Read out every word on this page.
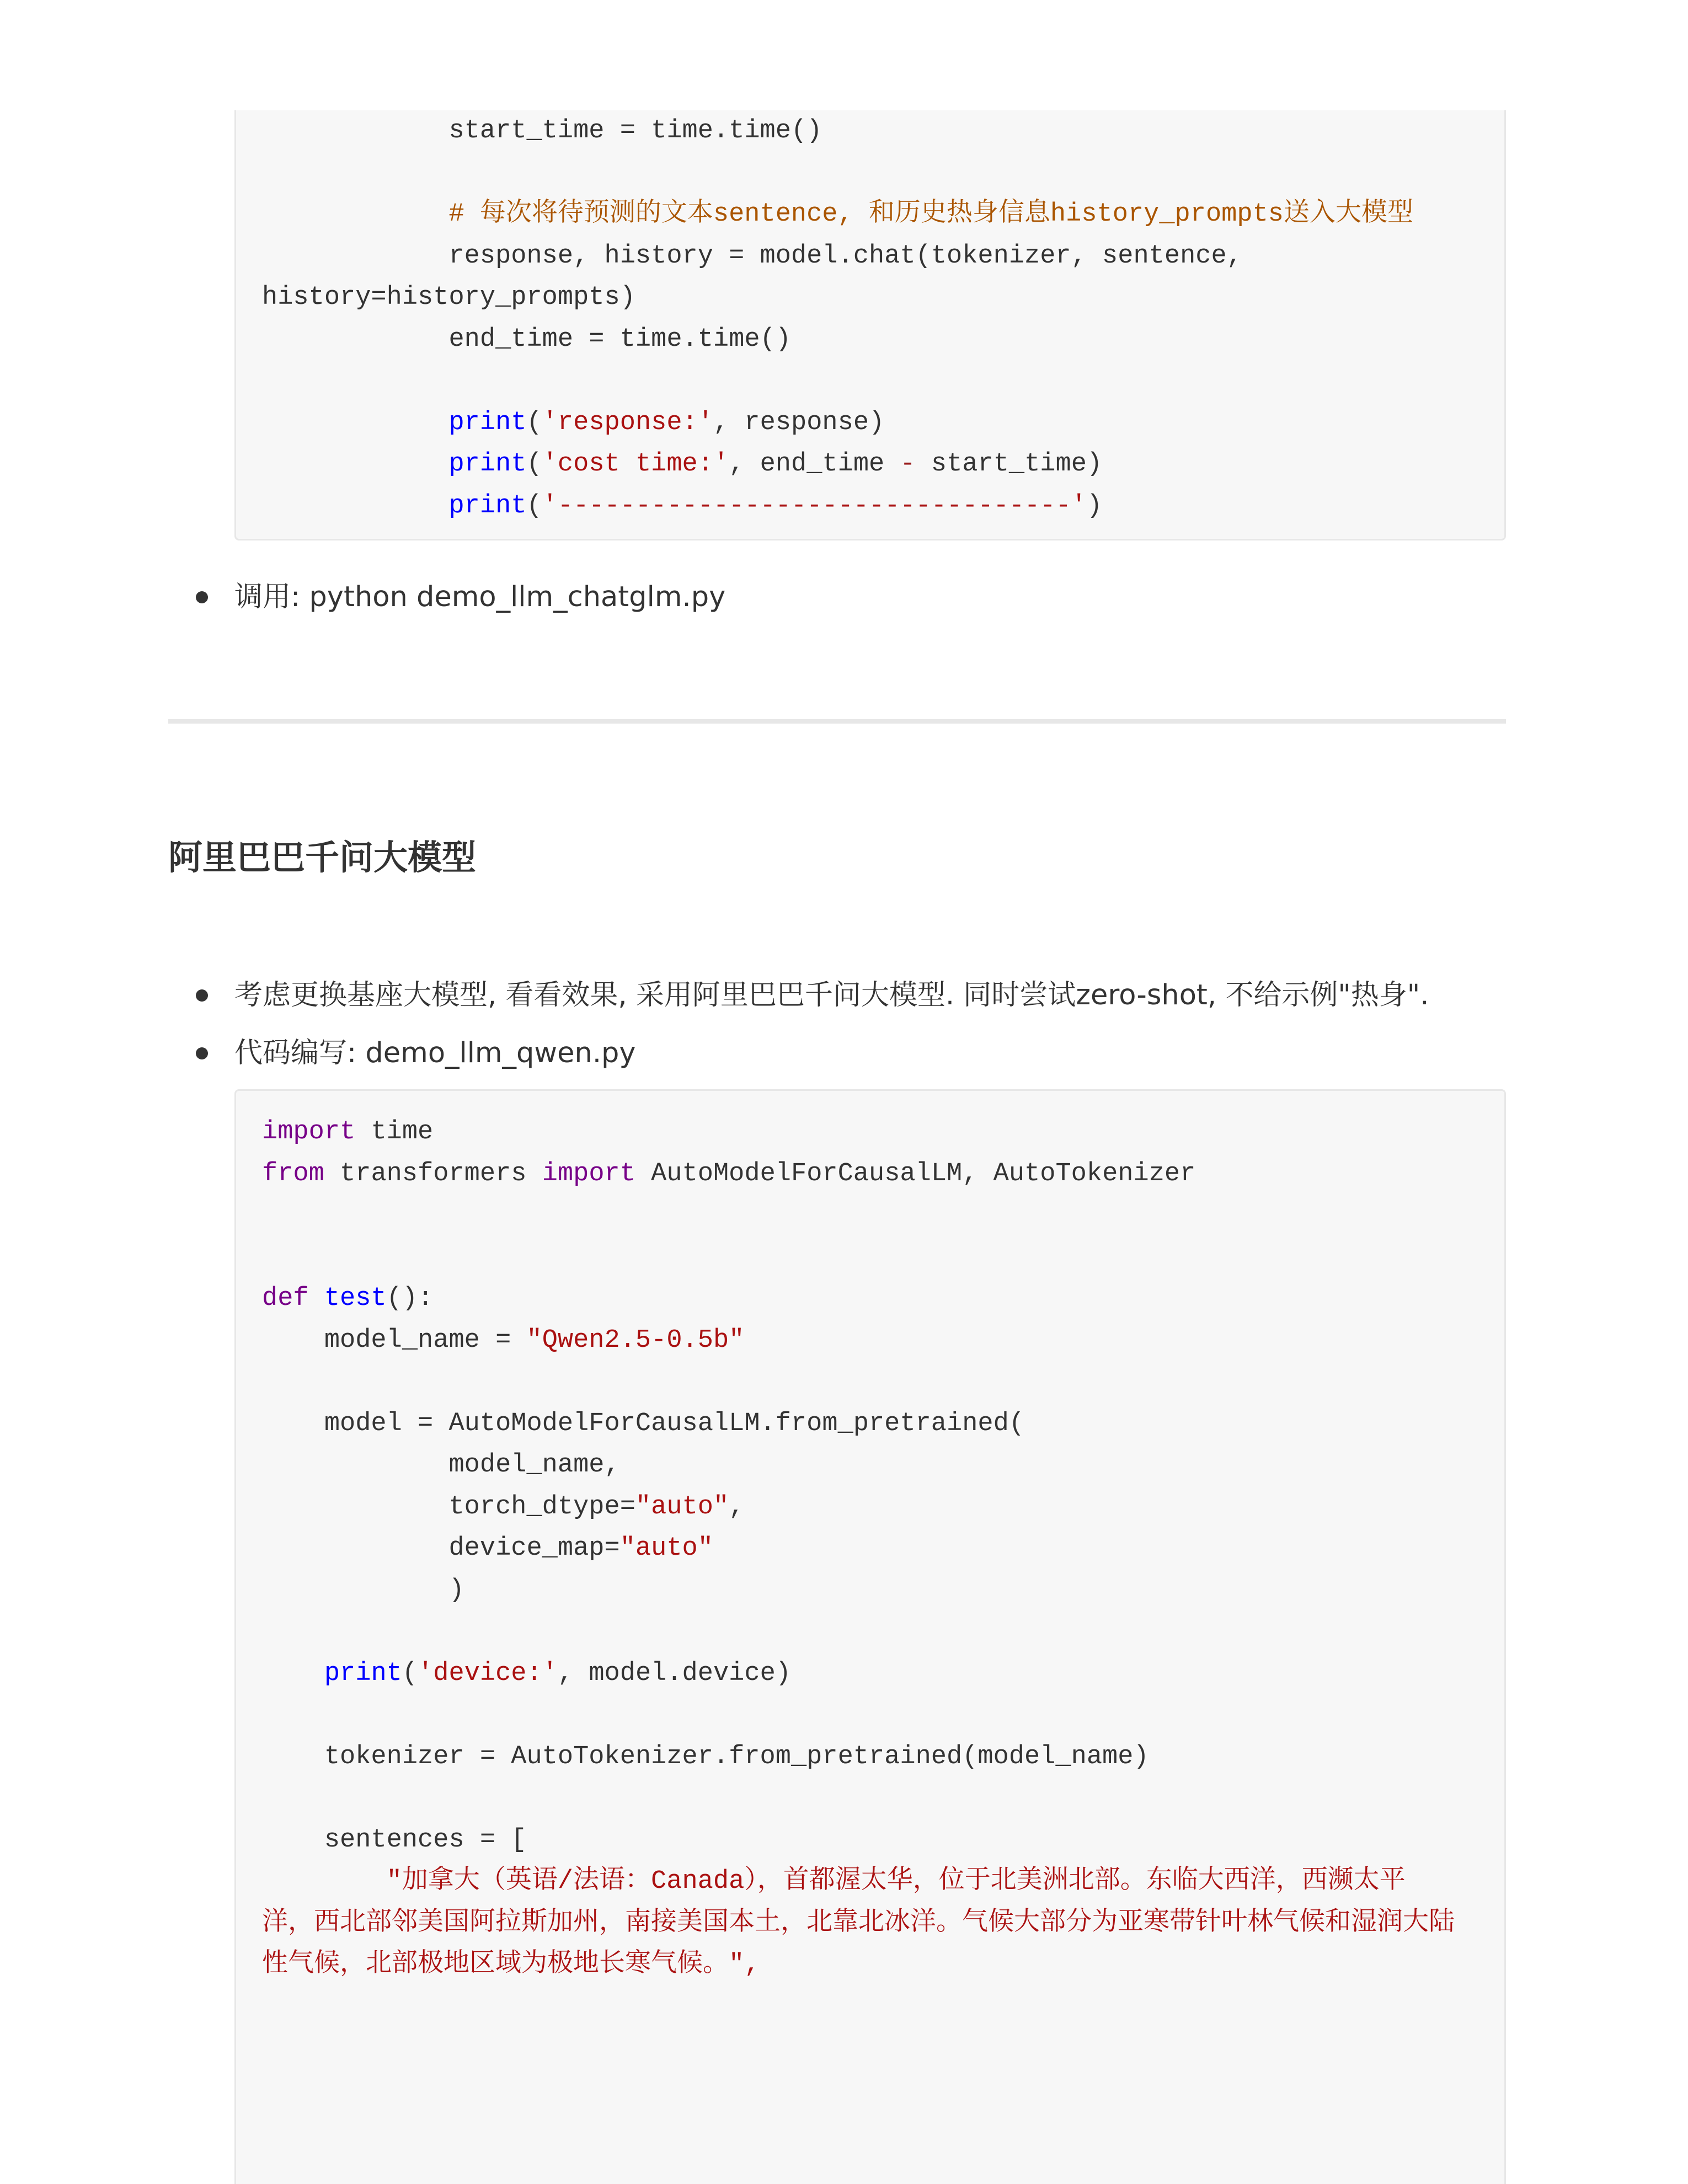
调用: python demo_llm_chatglm.py
阿里巴巴千问大模型
考虑更换基座大模型, 看看效果, 采用阿里巴巴千问大模型. 同时尝试zero-shot, 不给示例"热身".
代码编写: demo_llm_qwen.py
start_time = time.time()
# 每次将待预测的文本sentence, 和历史热身信息history_prompts送入大模型
response, history = model.chat(tokenizer, sentence,
history=history_prompts)
end_time = time.time()
print('response:', response)
print('cost time:', end_time - start_time)
print('---------------------------------')
import time
from transformers import AutoModelForCausalLM, AutoTokenizer
def test():
model_name = "Qwen2.5-0.5b"
model = AutoModelForCausalLM.from_pretrained(
model_name,
torch_dtype="auto",
device_map="auto"
)
print('device:', model.device)
tokenizer = AutoTokenizer.from_pretrained(model_name)
sentences = [
"加拿大（英语/法语：Canada），首都渥太华，位于北美洲北部。东临大西洋，西濒太平
洋，西北部邻美国阿拉斯加州，南接美国本土，北靠北冰洋。气候大部分为亚寒带针叶林气候和湿润大陆
性气候，北部极地区域为极地长寒气候。",
